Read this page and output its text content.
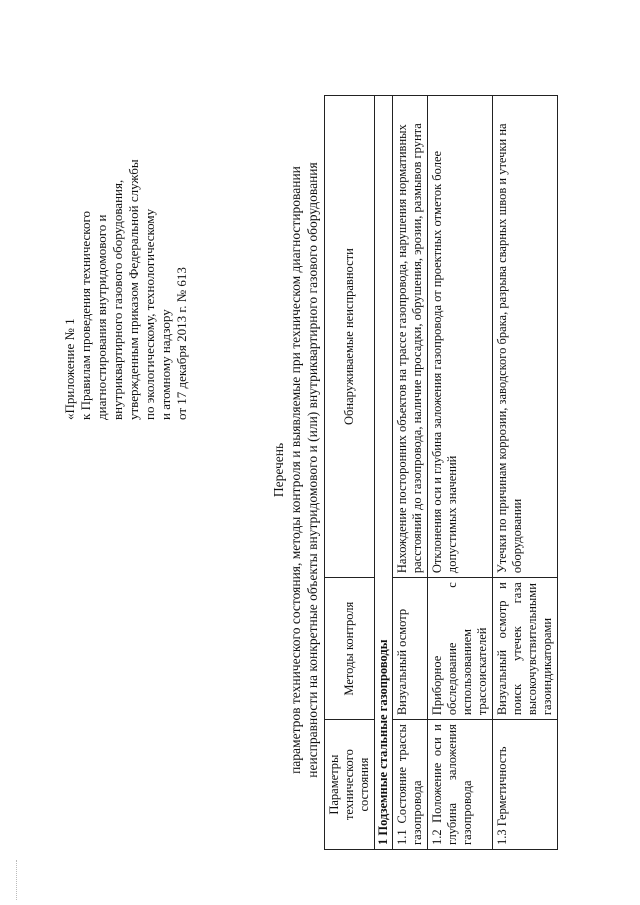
«Приложение № 1 к Правилам проведения технического диагностирования внутридомового и внутриквартирного газового оборудования, утвержденным приказом Федеральной службы по экологическому, технологическому и атомному надзору от 17 декабря 2013 г. № 613
Перечень параметров технического состояния, методы контроля и выявляемые при техническом диагностировании неисправности на конкретные объекты внутридомового и (или) внутриквартирного газового оборудования
Параметры технического состояния	Методы контроля	Обнаруживаемые неисправности
1 Подземные стальные газопроводы		
1.1 Состояние трассы газопровода	Визуальный осмотр	Нахождение посторонних объектов на трассе газопровода, нарушения нормативных расстояний до газопровода, наличие просадки, обрушения, эрозии, размывов грунта
1.2 Положение оси и глубина заложения газопровода	Приборное обследование с использованием трассоискателей	Отклонения оси и глубина заложения газопровода от проектных отметок более допустимых значений
1.3 Герметичность	Визуальный осмотр и поиск утечек газа высокочувствительными газоиндикаторами	Утечки по причинам коррозии, заводского брака, разрыва сварных швов и утечки на оборудовании
